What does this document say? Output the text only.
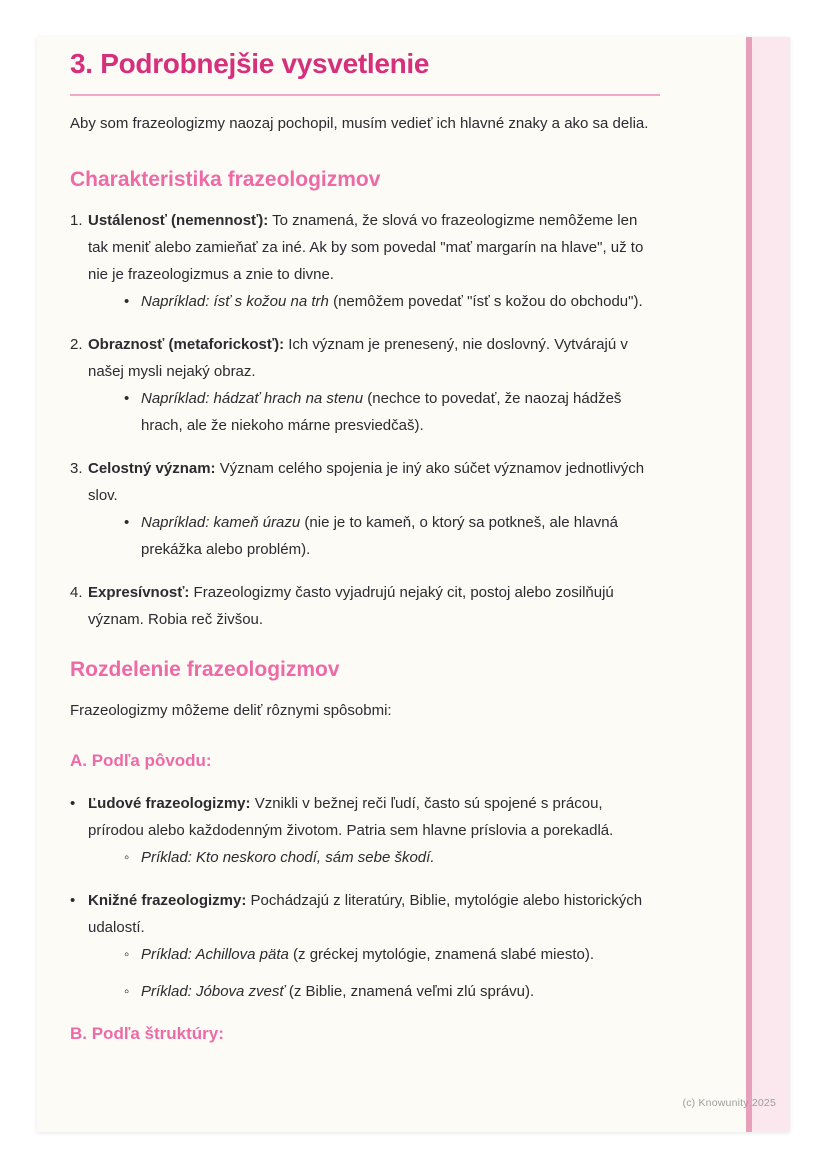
3. Podrobnejšie vysvetlenie

Aby som frazeologizmy naozaj pochopil, musím vedieť ich hlavné znaky a ako sa delia.

Charakteristika frazeologizmov
1. Ustálenosť (nemennosť): To znamená, že slová vo frazeologizme nemôžeme len tak meniť alebo zamieňať za iné. Ak by som povedal "mať margarín na hlave", už to nie je frazeologizmus a znie to divne.
• Napríklad: ísť s kožou na trh (nemôžem povedať "ísť s kožou do obchodu").
2. Obraznosť (metaforickosť): Ich význam je prenesený, nie doslovný. Vytvárajú v našej mysli nejaký obraz.
• Napríklad: hádzať hrach na stenu (nechce to povedať, že naozaj hádžeš hrach, ale že niekoho márne presviedčaš).
3. Celostný význam: Význam celého spojenia je iný ako súčet významov jednotlivých slov.
• Napríklad: kameň úrazu (nie je to kameň, o ktorý sa potkneš, ale hlavná prekážka alebo problém).
4. Expresívnosť: Frazeologizmy často vyjadrujú nejaký cit, postoj alebo zosilňujú význam. Robia reč živšou.
Rozdelenie frazeologizmov

Frazeologizmy môžeme deliť rôznymi spôsobmi:

A. Podľa pôvodu:
• Ľudové frazeologizmy: Vznikli v bežnej reči ľudí, často sú spojené s prácou, prírodou alebo každodenným životom. Patria sem hlavne príslovia a porekadlá.
◦ Príklad: Kto neskoro chodí, sám sebe škodí.
• Knižné frazeologizmy: Pochádzajú z literatúry, Biblie, mytológie alebo historických udalostí.
◦ Príklad: Achillova päta (z gréckej mytológie, znamená slabé miesto).
◦ Príklad: Jóbova zvesť (z Biblie, znamená veľmi zlú správu).
B. Podľa štruktúry:
(c) Knowunity 2025
